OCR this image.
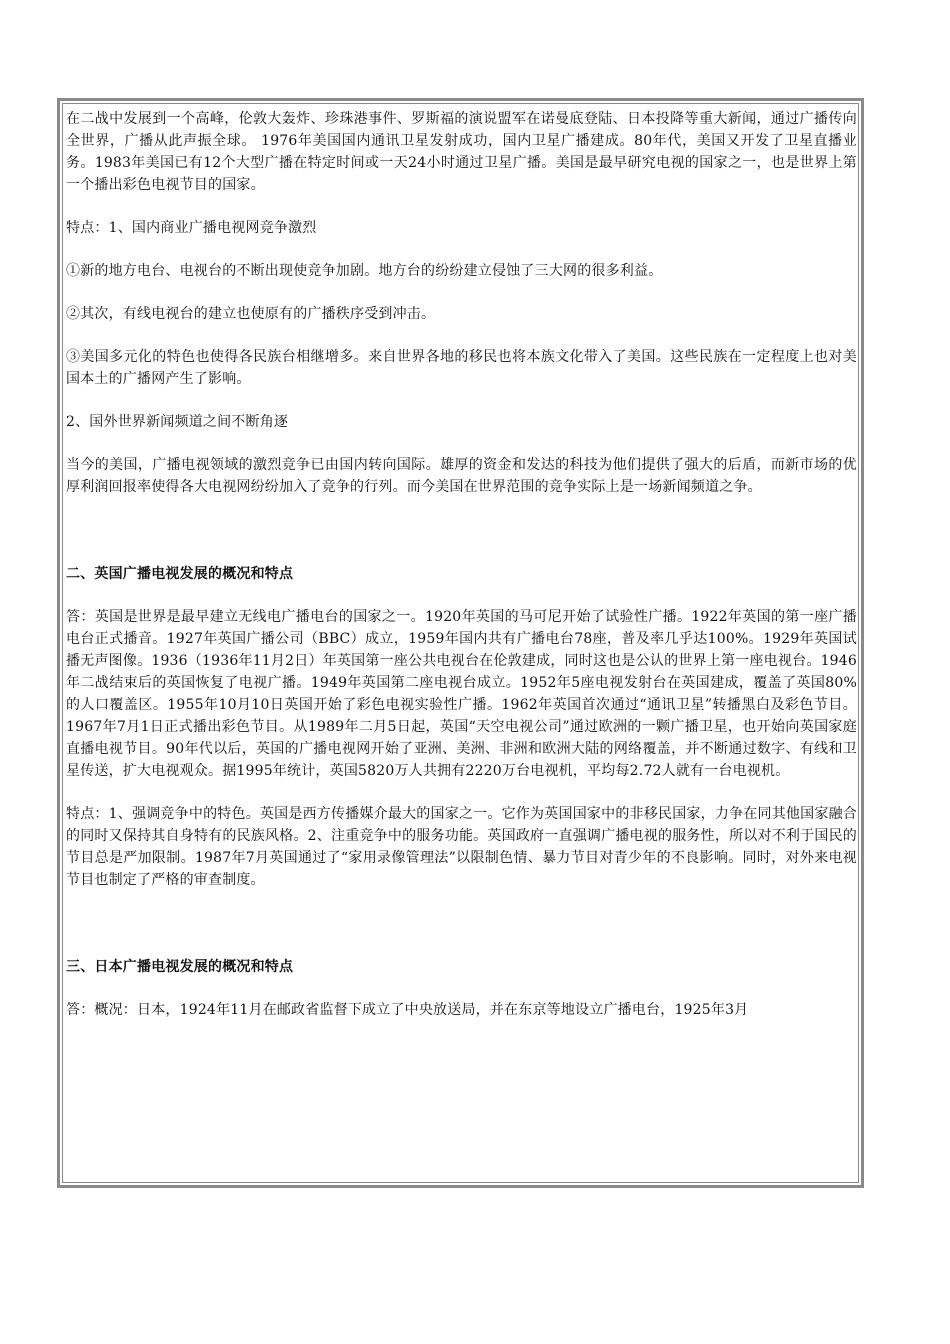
在二战中发展到一个高峰，伦敦大轰炸、珍珠港事件、罗斯福的演说盟军在诺曼底登陆、日本投降等重大新闻，通过广播传向全世界，广播从此声振全球。 1976年美国国内通讯卫星发射成功，国内卫星广播建成。80年代，美国又开发了卫星直播业务。1983年美国已有12个大型广播在特定时间或一天24小时通过卫星广播。美国是最早研究电视的国家之一，也是世界上第一个播出彩色电视节目的国家。

特点：1、国内商业广播电视网竞争激烈

①新的地方电台、电视台的不断出现使竞争加剧。地方台的纷纷建立侵蚀了三大网的很多利益。

②其次，有线电视台的建立也使原有的广播秩序受到冲击。

③美国多元化的特色也使得各民族台相继增多。来自世界各地的移民也将本族文化带入了美国。这些民族在一定程度上也对美国本土的广播网产生了影响。

2、国外世界新闻频道之间不断角逐

当今的美国，广播电视领域的激烈竞争已由国内转向国际。雄厚的资金和发达的科技为他们提供了强大的后盾，而新市场的优厚利润回报率使得各大电视网纷纷加入了竞争的行列。而今美国在世界范围的竞争实际上是一场新闻频道之争。

二、英国广播电视发展的概况和特点

答：英国是世界是最早建立无线电广播电台的国家之一。1920年英国的马可尼开始了试验性广播。1922年英国的第一座广播电台正式播音。1927年英国广播公司（BBC）成立，1959年国内共有广播电台78座，普及率几乎达100%。1929年英国试播无声图像。1936（1936年11月2日）年英国第一座公共电视台在伦敦建成，同时这也是公认的世界上第一座电视台。1946年二战结束后的英国恢复了电视广播。1949年英国第二座电视台成立。1952年5座电视发射台在英国建成，覆盖了英国80%的人口覆盖区。1955年10月10日英国开始了彩色电视实验性广播。1962年英国首次通过“通讯卫星”转播黑白及彩色节目。1967年7月1日正式播出彩色节目。从1989年二月5日起，英国“天空电视公司”通过欧洲的一颗广播卫星，也开始向英国家庭直播电视节目。90年代以后，英国的广播电视网开始了亚洲、美洲、非洲和欧洲大陆的网络覆盖，并不断通过数字、有线和卫星传送，扩大电视观众。据1995年统计，英国5820万人共拥有2220万台电视机，平均每2.72人就有一台电视机。

特点：1、强调竞争中的特色。英国是西方传播媒介最大的国家之一。它作为英国国家中的非移民国家，力争在同其他国家融合的同时又保持其自身特有的民族风格。2、注重竞争中的服务功能。英国政府一直强调广播电视的服务性，所以对不利于国民的节目总是严加限制。1987年7月英国通过了“家用录像管理法”以限制色情、暴力节目对青少年的不良影响。同时，对外来电视节目也制定了严格的审查制度。

三、日本广播电视发展的概况和特点

答：概况：日本，1924年11月在邮政省监督下成立了中央放送局，并在东京等地设立广播电台，1925年3月
